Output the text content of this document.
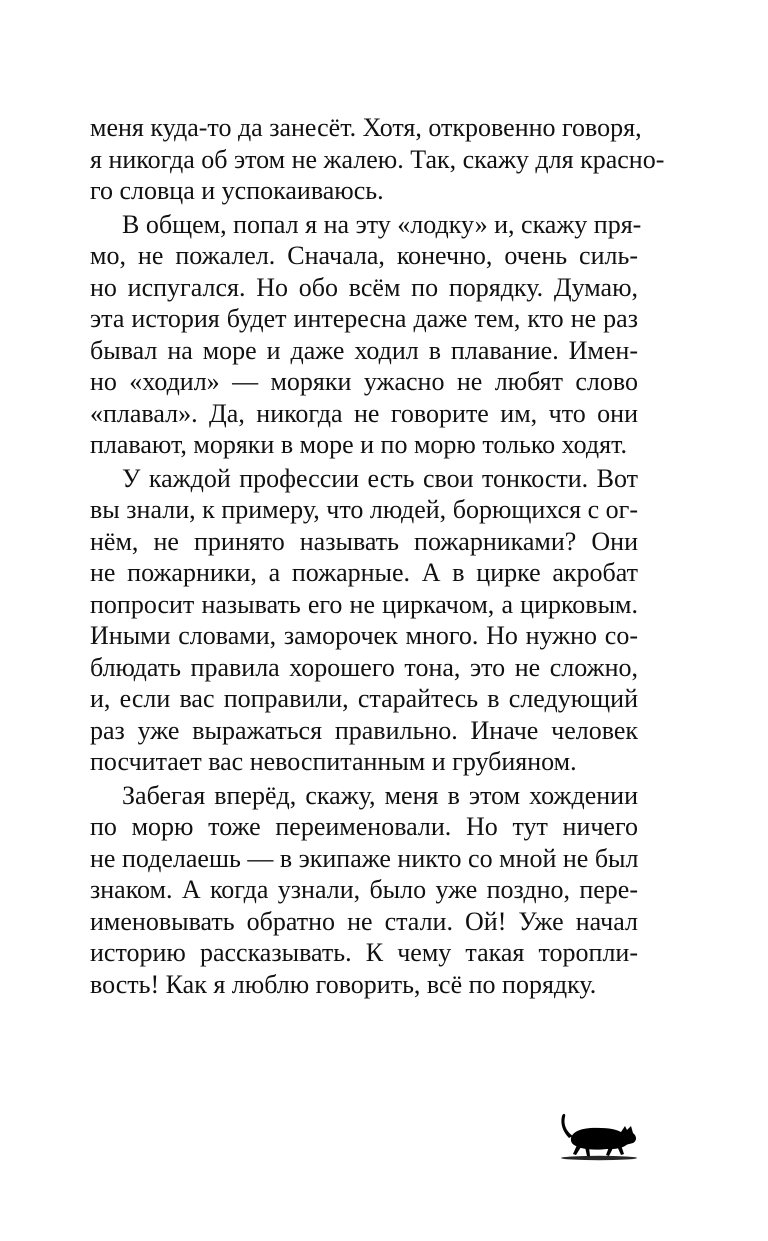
меня куда-то да занесёт. Хотя, откровенно говоря,
я никогда об этом не жалею. Так, скажу для красно-
го словца и успокаиваюсь.

В общем, попал я на эту «лодку» и, скажу пря-
мо, не пожалел. Сначала, конечно, очень силь-
но испугался. Но обо всём по порядку. Думаю,
эта история будет интересна даже тем, кто не раз
бывал на море и даже ходил в плавание. Имен-
но «ходил» — моряки ужасно не любят слово
«плавал». Да, никогда не говорите им, что они
плавают, моряки в море и по морю только ходят.

У каждой профессии есть свои тонкости. Вот
вы знали, к примеру, что людей, борющихся с ог-
нём, не принято называть пожарниками? Они
не пожарники, а пожарные. А в цирке акробат
попросит называть его не циркачом, а цирковым.
Иными словами, заморочек много. Но нужно со-
блюдать правила хорошего тона, это не сложно,
и, если вас поправили, старайтесь в следующий
раз уже выражаться правильно. Иначе человек
посчитает вас невоспитанным и грубияном.

Забегая вперёд, скажу, меня в этом хождении
по морю тоже переименовали. Но тут ничего
не поделаешь — в экипаже никто со мной не был
знаком. А когда узнали, было уже поздно, пере-
именовывать обратно не стали. Ой! Уже начал
историю рассказывать. К чему такая торопли-
вость! Как я люблю говорить, всё по порядку.
